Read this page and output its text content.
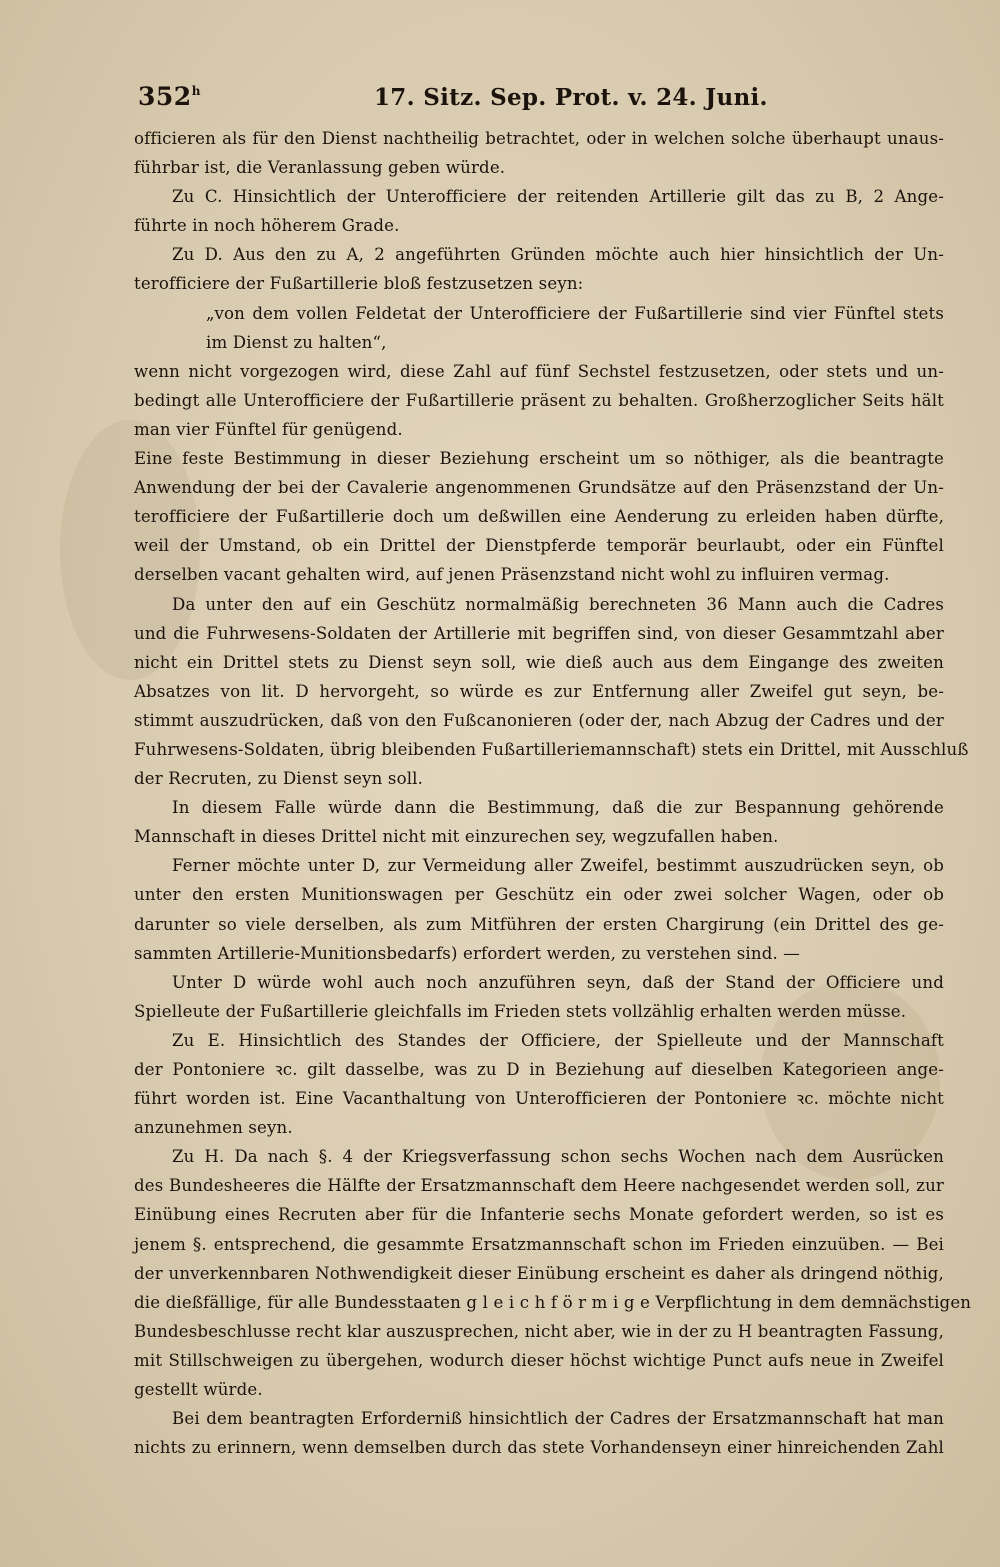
352$^h$	17. Sitz. Sep. Prot. v. 24. Juni.
officieren als für den Dienst nachtheilig betrachtet, oder in welchen solche überhaupt unaus-
führbar ist, die Veranlassung geben würde.
Zu C. Hinsichtlich der Unterofficiere der reitenden Artillerie gilt das zu B, 2 Ange-
führte in noch höherem Grade.
Zu D. Aus den zu A, 2 angeführten Gründen möchte auch hier hinsichtlich der Un-
terofficiere der Fußartillerie bloß festzusetzen seyn:
„von dem vollen Feldetat der Unterofficiere der Fußartillerie sind vier Fünftel stets
im Dienst zu halten“,
wenn nicht vorgezogen wird, diese Zahl auf fünf Sechstel festzusetzen, oder stets und un-
bedingt alle Unterofficiere der Fußartillerie präsent zu behalten. Großherzoglicher Seits hält
man vier Fünftel für genügend.
Eine feste Bestimmung in dieser Beziehung erscheint um so nöthiger, als die beantragte
Anwendung der bei der Cavalerie angenommenen Grundsätze auf den Präsenzstand der Un-
terofficiere der Fußartillerie doch um deßwillen eine Aenderung zu erleiden haben dürfte,
weil der Umstand, ob ein Drittel der Dienstpferde temporär beurlaubt, oder ein Fünftel
derselben vacant gehalten wird, auf jenen Präsenzstand nicht wohl zu influiren vermag.
Da unter den auf ein Geschütz normalmäßig berechneten 36 Mann auch die Cadres
und die Fuhrwesens-Soldaten der Artillerie mit begriffen sind, von dieser Gesammtzahl aber
nicht ein Drittel stets zu Dienst seyn soll, wie dieß auch aus dem Eingange des zweiten
Absatzes von lit. D hervorgeht, so würde es zur Entfernung aller Zweifel gut seyn, be-
stimmt auszudrücken, daß von den Fußcanonieren (oder der, nach Abzug der Cadres und der
Fuhrwesens-Soldaten, übrig bleibenden Fußartilleriemannschaft) stets ein Drittel, mit Ausschluß
der Recruten, zu Dienst seyn soll.
In diesem Falle würde dann die Bestimmung, daß die zur Bespannung gehörende
Mannschaft in dieses Drittel nicht mit einzurechen sey, wegzufallen haben.
Ferner möchte unter D, zur Vermeidung aller Zweifel, bestimmt auszudrücken seyn, ob
unter den ersten Munitionswagen per Geschütz ein oder zwei solcher Wagen, oder ob
darunter so viele derselben, als zum Mitführen der ersten Chargirung (ein Drittel des ge-
sammten Artillerie-Munitionsbedarfs) erfordert werden, zu verstehen sind. —
Unter D würde wohl auch noch anzuführen seyn, daß der Stand der Officiere und
Spielleute der Fußartillerie gleichfalls im Frieden stets vollzählig erhalten werden müsse.
Zu E. Hinsichtlich des Standes der Officiere, der Spielleute und der Mannschaft
der Pontoniere ꝛc. gilt dasselbe, was zu D in Beziehung auf dieselben Kategorieen ange-
führt worden ist. Eine Vacanthaltung von Unterofficieren der Pontoniere ꝛc. möchte nicht
anzunehmen seyn.
Zu H. Da nach §. 4 der Kriegsverfassung schon sechs Wochen nach dem Ausrücken
des Bundesheeres die Hälfte der Ersatzmannschaft dem Heere nachgesendet werden soll, zur
Einübung eines Recruten aber für die Infanterie sechs Monate gefordert werden, so ist es
jenem §. entsprechend, die gesammte Ersatzmannschaft schon im Frieden einzuüben. — Bei
der unverkennbaren Nothwendigkeit dieser Einübung erscheint es daher als dringend nöthig,
die dießfällige, für alle Bundesstaaten g l e i c h f ö r m i g e Verpflichtung in dem demnächstigen
Bundesbeschlusse recht klar auszusprechen, nicht aber, wie in der zu H beantragten Fassung,
mit Stillschweigen zu übergehen, wodurch dieser höchst wichtige Punct aufs neue in Zweifel
gestellt würde.
Bei dem beantragten Erforderniß hinsichtlich der Cadres der Ersatzmannschaft hat man
nichts zu erinnern, wenn demselben durch das stete Vorhandenseyn einer hinreichenden Zahl
